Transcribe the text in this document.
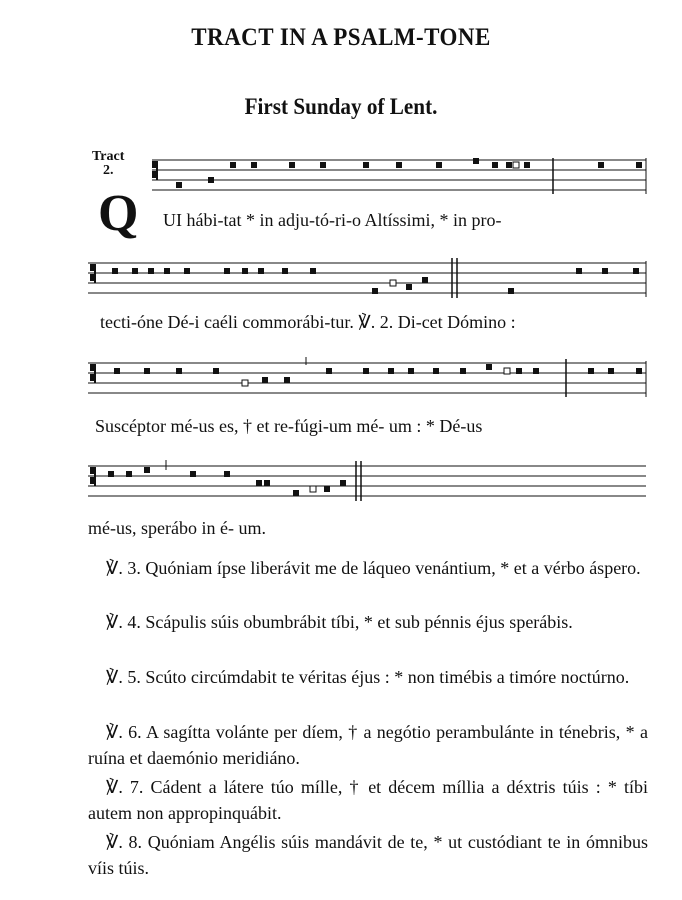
TRACT IN A PSALM-TONE
First Sunday of Lent.
Tract
2.
Q UI hábi-tat * in adju-tó-ri-o Altíssimi, * in pro-
tecti-óne Dé-i caéli commorábi-tur. ℣. 2. Di-cet Dómino :
Suscéptor mé-us es, † et re-fúgi-um mé- um : * Dé-us
mé-us, sperábo in é- um.
℣. 3. Quóniam ípse liberávit me de láqueo venántium, * et a vérbo áspero.
℣. 4. Scápulis súis obumbrábit tíbi, * et sub pénnis éjus sperábis.
℣. 5. Scúto circúmdabit te véritas éjus : * non timébis a timóre noctúrno.
℣. 6. A sagítta volánte per díem, † a negótio perambulánte in ténebris, * a ruína et daemónio meridiáno.
℣. 7. Cádent a látere túo mílle, † et décem míllia a déxtris túis : * tíbi autem non appropinquábit.
℣. 8. Quóniam Angélis súis mandávit de te, * ut custódiant te in ómnibus víis túis.
